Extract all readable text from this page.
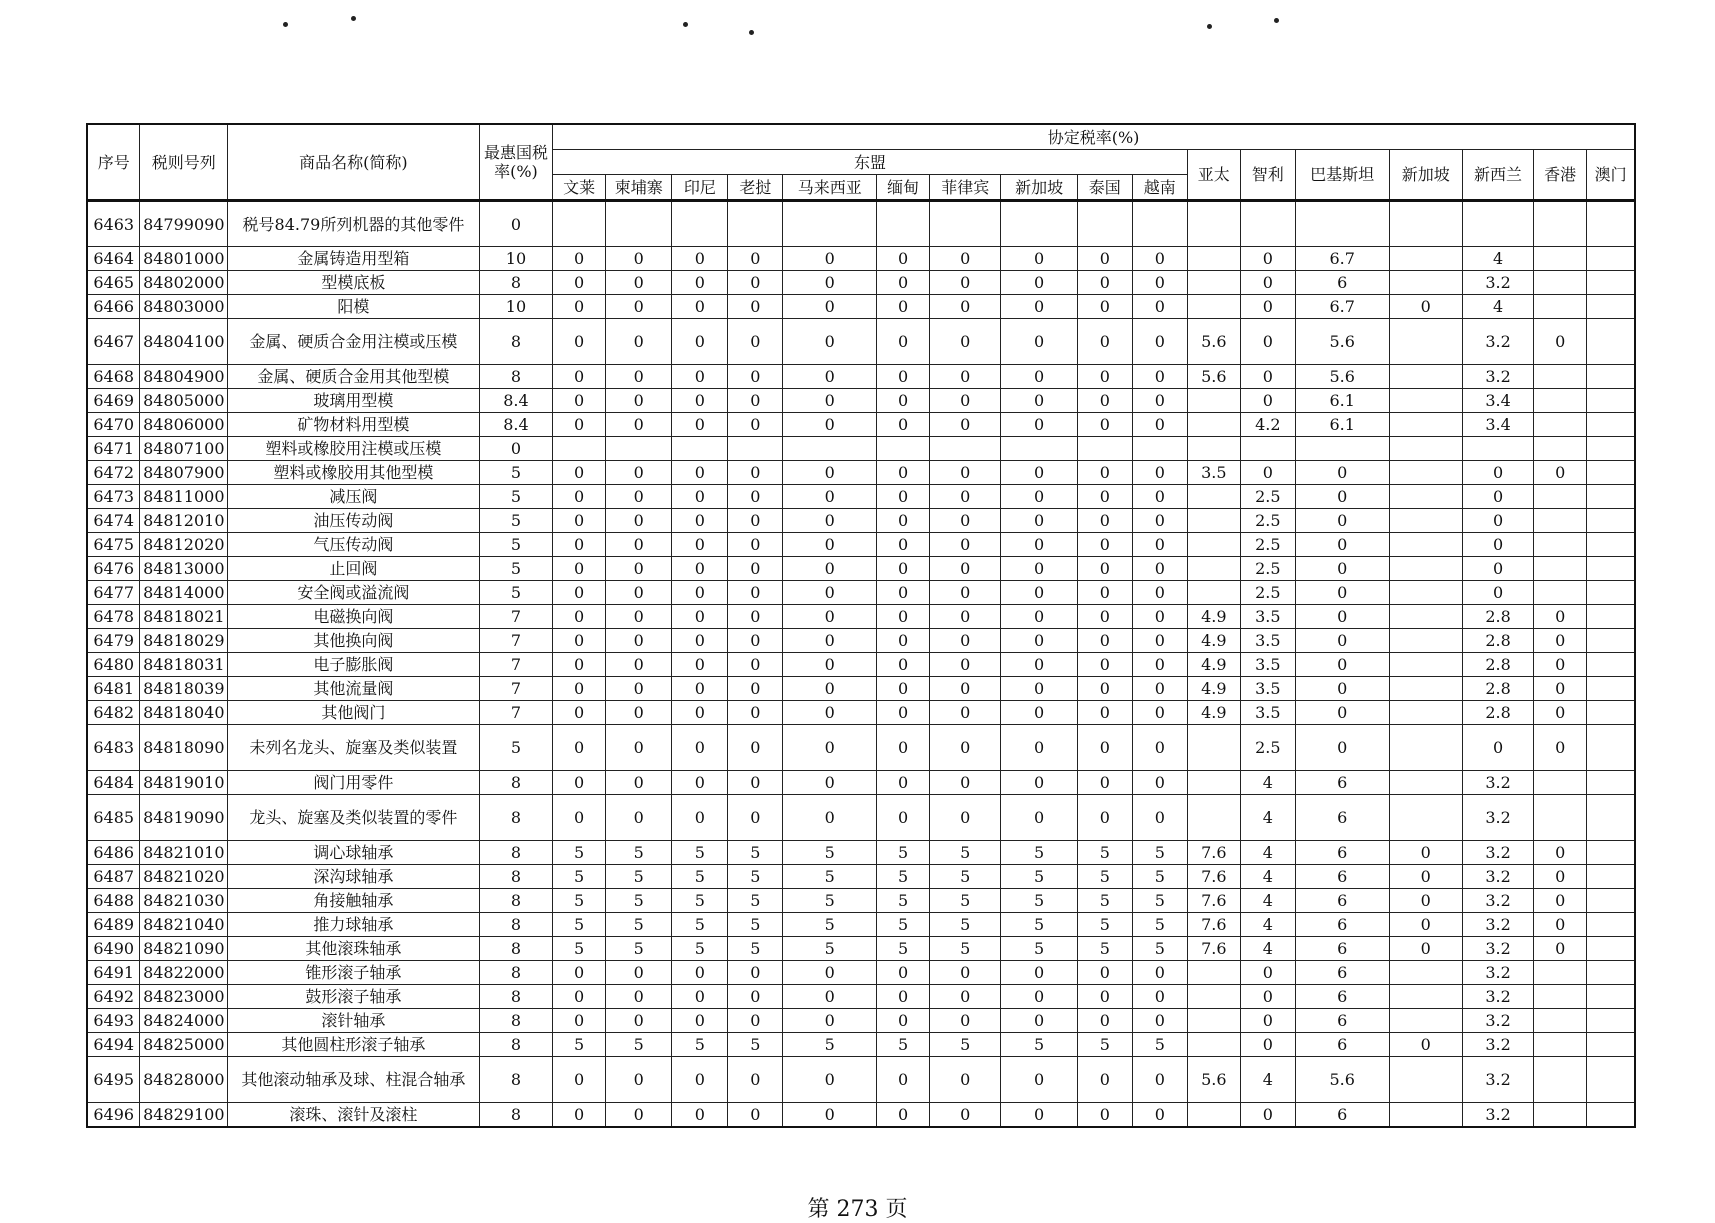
序号	税则号列	商品名称(简称)	最惠国税率(%)	协定税率(%)																
				东盟										亚太	智利	巴基斯坦	新加坡	新西兰	香港	澳门
				文莱	柬埔寨	印尼	老挝	马来西亚	缅甸	菲律宾	新加坡	泰国	越南							
6463	84799090	税号84.79所列机器的其他零件	0																	
6464	84801000	金属铸造用型箱	10	0	0	0	0	0	0	0	0	0	0		0	6.7		4		
6465	84802000	型模底板	8	0	0	0	0	0	0	0	0	0	0		0	6		3.2		
6466	84803000	阳模	10	0	0	0	0	0	0	0	0	0	0		0	6.7	0	4		
6467	84804100	金属、硬质合金用注模或压模	8	0	0	0	0	0	0	0	0	0	0	5.6	0	5.6		3.2	0	
6468	84804900	金属、硬质合金用其他型模	8	0	0	0	0	0	0	0	0	0	0	5.6	0	5.6		3.2		
6469	84805000	玻璃用型模	8.4	0	0	0	0	0	0	0	0	0	0		0	6.1		3.4		
6470	84806000	矿物材料用型模	8.4	0	0	0	0	0	0	0	0	0	0		4.2	6.1		3.4		
6471	84807100	塑料或橡胶用注模或压模	0																	
6472	84807900	塑料或橡胶用其他型模	5	0	0	0	0	0	0	0	0	0	0	3.5	0	0		0	0	
6473	84811000	减压阀	5	0	0	0	0	0	0	0	0	0	0		2.5	0		0		
6474	84812010	油压传动阀	5	0	0	0	0	0	0	0	0	0	0		2.5	0		0		
6475	84812020	气压传动阀	5	0	0	0	0	0	0	0	0	0	0		2.5	0		0		
6476	84813000	止回阀	5	0	0	0	0	0	0	0	0	0	0		2.5	0		0		
6477	84814000	安全阀或溢流阀	5	0	0	0	0	0	0	0	0	0	0		2.5	0		0		
6478	84818021	电磁换向阀	7	0	0	0	0	0	0	0	0	0	0	4.9	3.5	0		2.8	0	
6479	84818029	其他换向阀	7	0	0	0	0	0	0	0	0	0	0	4.9	3.5	0		2.8	0	
6480	84818031	电子膨胀阀	7	0	0	0	0	0	0	0	0	0	0	4.9	3.5	0		2.8	0	
6481	84818039	其他流量阀	7	0	0	0	0	0	0	0	0	0	0	4.9	3.5	0		2.8	0	
6482	84818040	其他阀门	7	0	0	0	0	0	0	0	0	0	0	4.9	3.5	0		2.8	0	
6483	84818090	未列名龙头、旋塞及类似装置	5	0	0	0	0	0	0	0	0	0	0		2.5	0		0	0	
6484	84819010	阀门用零件	8	0	0	0	0	0	0	0	0	0	0		4	6		3.2		
6485	84819090	龙头、旋塞及类似装置的零件	8	0	0	0	0	0	0	0	0	0	0		4	6		3.2		
6486	84821010	调心球轴承	8	5	5	5	5	5	5	5	5	5	5	7.6	4	6	0	3.2	0	
6487	84821020	深沟球轴承	8	5	5	5	5	5	5	5	5	5	5	7.6	4	6	0	3.2	0	
6488	84821030	角接触轴承	8	5	5	5	5	5	5	5	5	5	5	7.6	4	6	0	3.2	0	
6489	84821040	推力球轴承	8	5	5	5	5	5	5	5	5	5	5	7.6	4	6	0	3.2	0	
6490	84821090	其他滚珠轴承	8	5	5	5	5	5	5	5	5	5	5	7.6	4	6	0	3.2	0	
6491	84822000	锥形滚子轴承	8	0	0	0	0	0	0	0	0	0	0		0	6		3.2		
6492	84823000	鼓形滚子轴承	8	0	0	0	0	0	0	0	0	0	0		0	6		3.2		
6493	84824000	滚针轴承	8	0	0	0	0	0	0	0	0	0	0		0	6		3.2		
6494	84825000	其他圆柱形滚子轴承	8	5	5	5	5	5	5	5	5	5	5		0	6	0	3.2		
6495	84828000	其他滚动轴承及球、柱混合轴承	8	0	0	0	0	0	0	0	0	0	0	5.6	4	5.6		3.2		
6496	84829100	滚珠、滚针及滚柱	8	0	0	0	0	0	0	0	0	0	0		0	6		3.2		
第 273 页
